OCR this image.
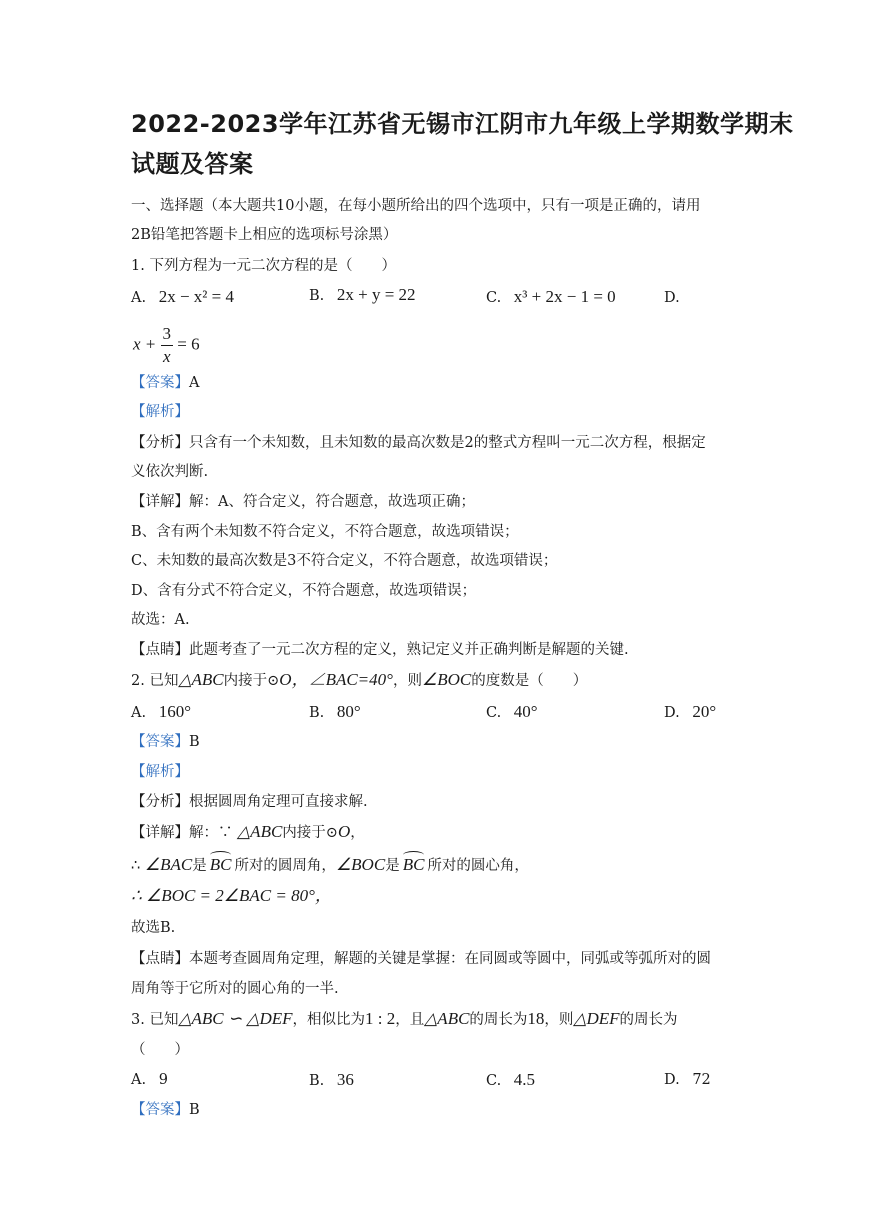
2022-2023学年江苏省无锡市江阴市九年级上学期数学期末
试题及答案
一、选择题（本大题共10小题，在每小题所给出的四个选项中，只有一项是正确的，请用
2B铅笔把答题卡上相应的选项标号涂黑）
1. 下列方程为一元二次方程的是（　　）
A. 2x − x² = 4	B. 2x + y = 22	C. x³ + 2x − 1 = 0	D.
$x + \frac{3}{x} = 6$
【答案】A
【解析】
【分析】只含有一个未知数，且未知数的最高次数是2的整式方程叫一元二次方程，根据定
义依次判断.
【详解】解：A、符合定义，符合题意，故选项正确；
B、含有两个未知数不符合定义，不符合题意，故选项错误；
C、未知数的最高次数是3不符合定义，不符合题意，故选项错误；
D、含有分式不符合定义，不符合题意，故选项错误；
故选：A.
【点睛】此题考查了一元二次方程的定义，熟记定义并正确判断是解题的关键.
2. 已知△ABC内接于⊙O，∠BAC=40°，则∠BOC的度数是（　　）
A. 160°	B. 80°	C. 40°	D. 20°
【答案】B
【解析】
【分析】根据圆周角定理可直接求解.
【详解】解：∵ △ABC内接于⊙O，
∴ ∠BAC是 BC 所对的圆周角，∠BOC是 BC 所对的圆心角，
∴ ∠BOC = 2∠BAC = 80°，
故选B.
【点睛】本题考查圆周角定理，解题的关键是掌握：在同圆或等圆中，同弧或等弧所对的圆
周角等于它所对的圆心角的一半.
3. 已知△ABC ∽ △DEF，相似比为1 : 2，且△ABC的周长为18，则△DEF的周长为
（　　）
A. 9	B. 36	C. 4.5	D. 72
【答案】B
